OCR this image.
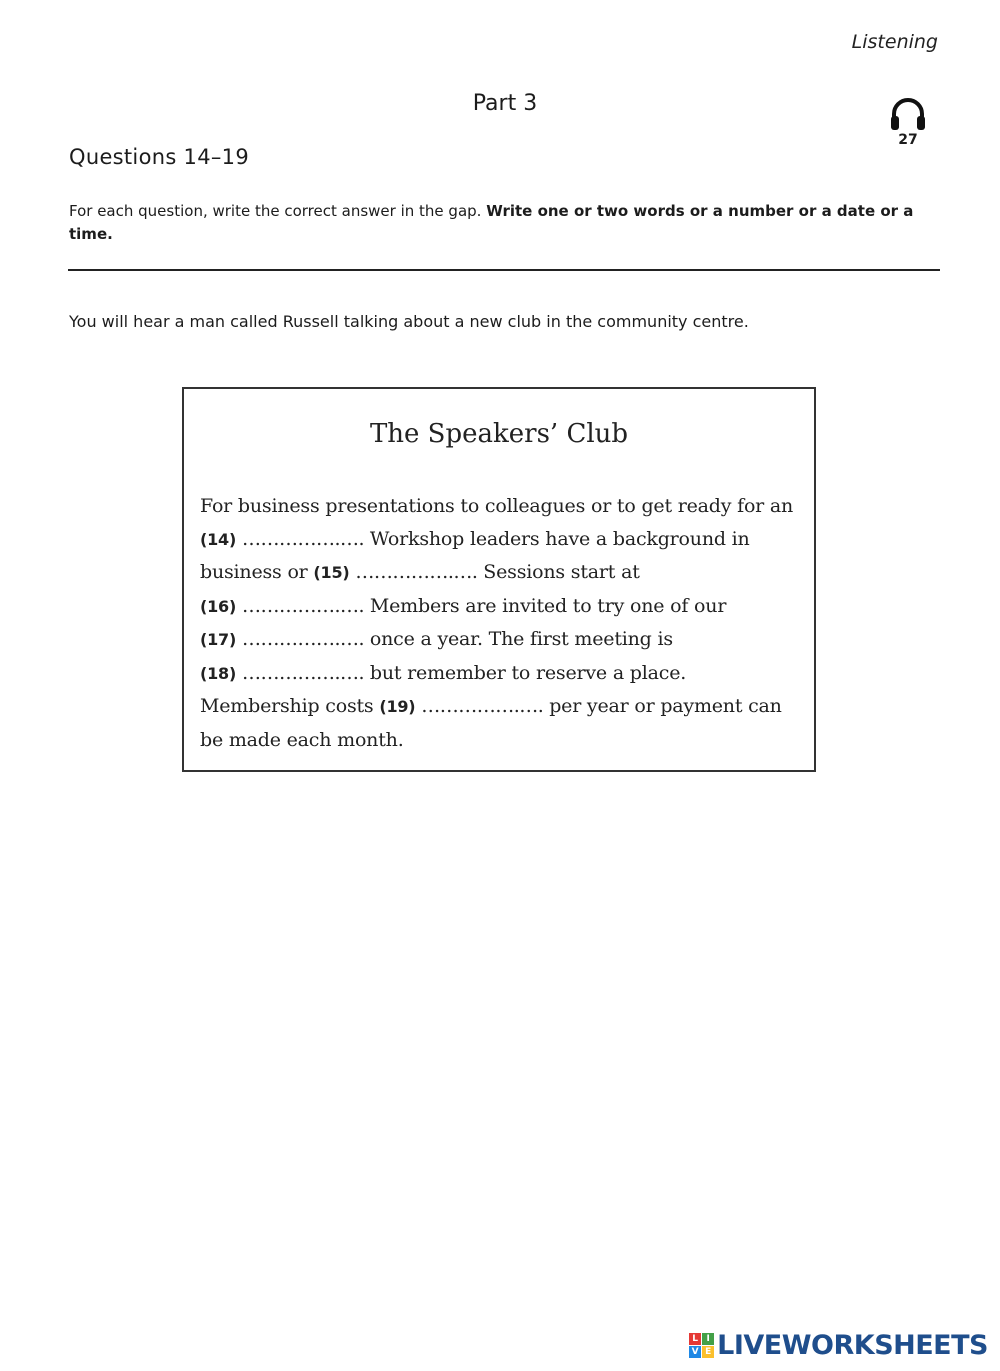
Listening
Part 3
27
Questions 14–19
For each question, write the correct answer in the gap. Write one or two words or a number or a date or a time.
You will hear a man called Russell talking about a new club in the community centre.
The Speakers’ Club
For business presentations to colleagues or to get ready for an
(14) …………….…. Workshop leaders have a background in
business or (15) …………….…. Sessions start at
(16) …………….…. Members are invited to try one of our
(17) …………….…. once a year. The first meeting is
(18) …………….…. but remember to reserve a place.
Membership costs (19) …………….…. per year or payment can
be made each month.
L I
V E LIVEWORKSHEETS
